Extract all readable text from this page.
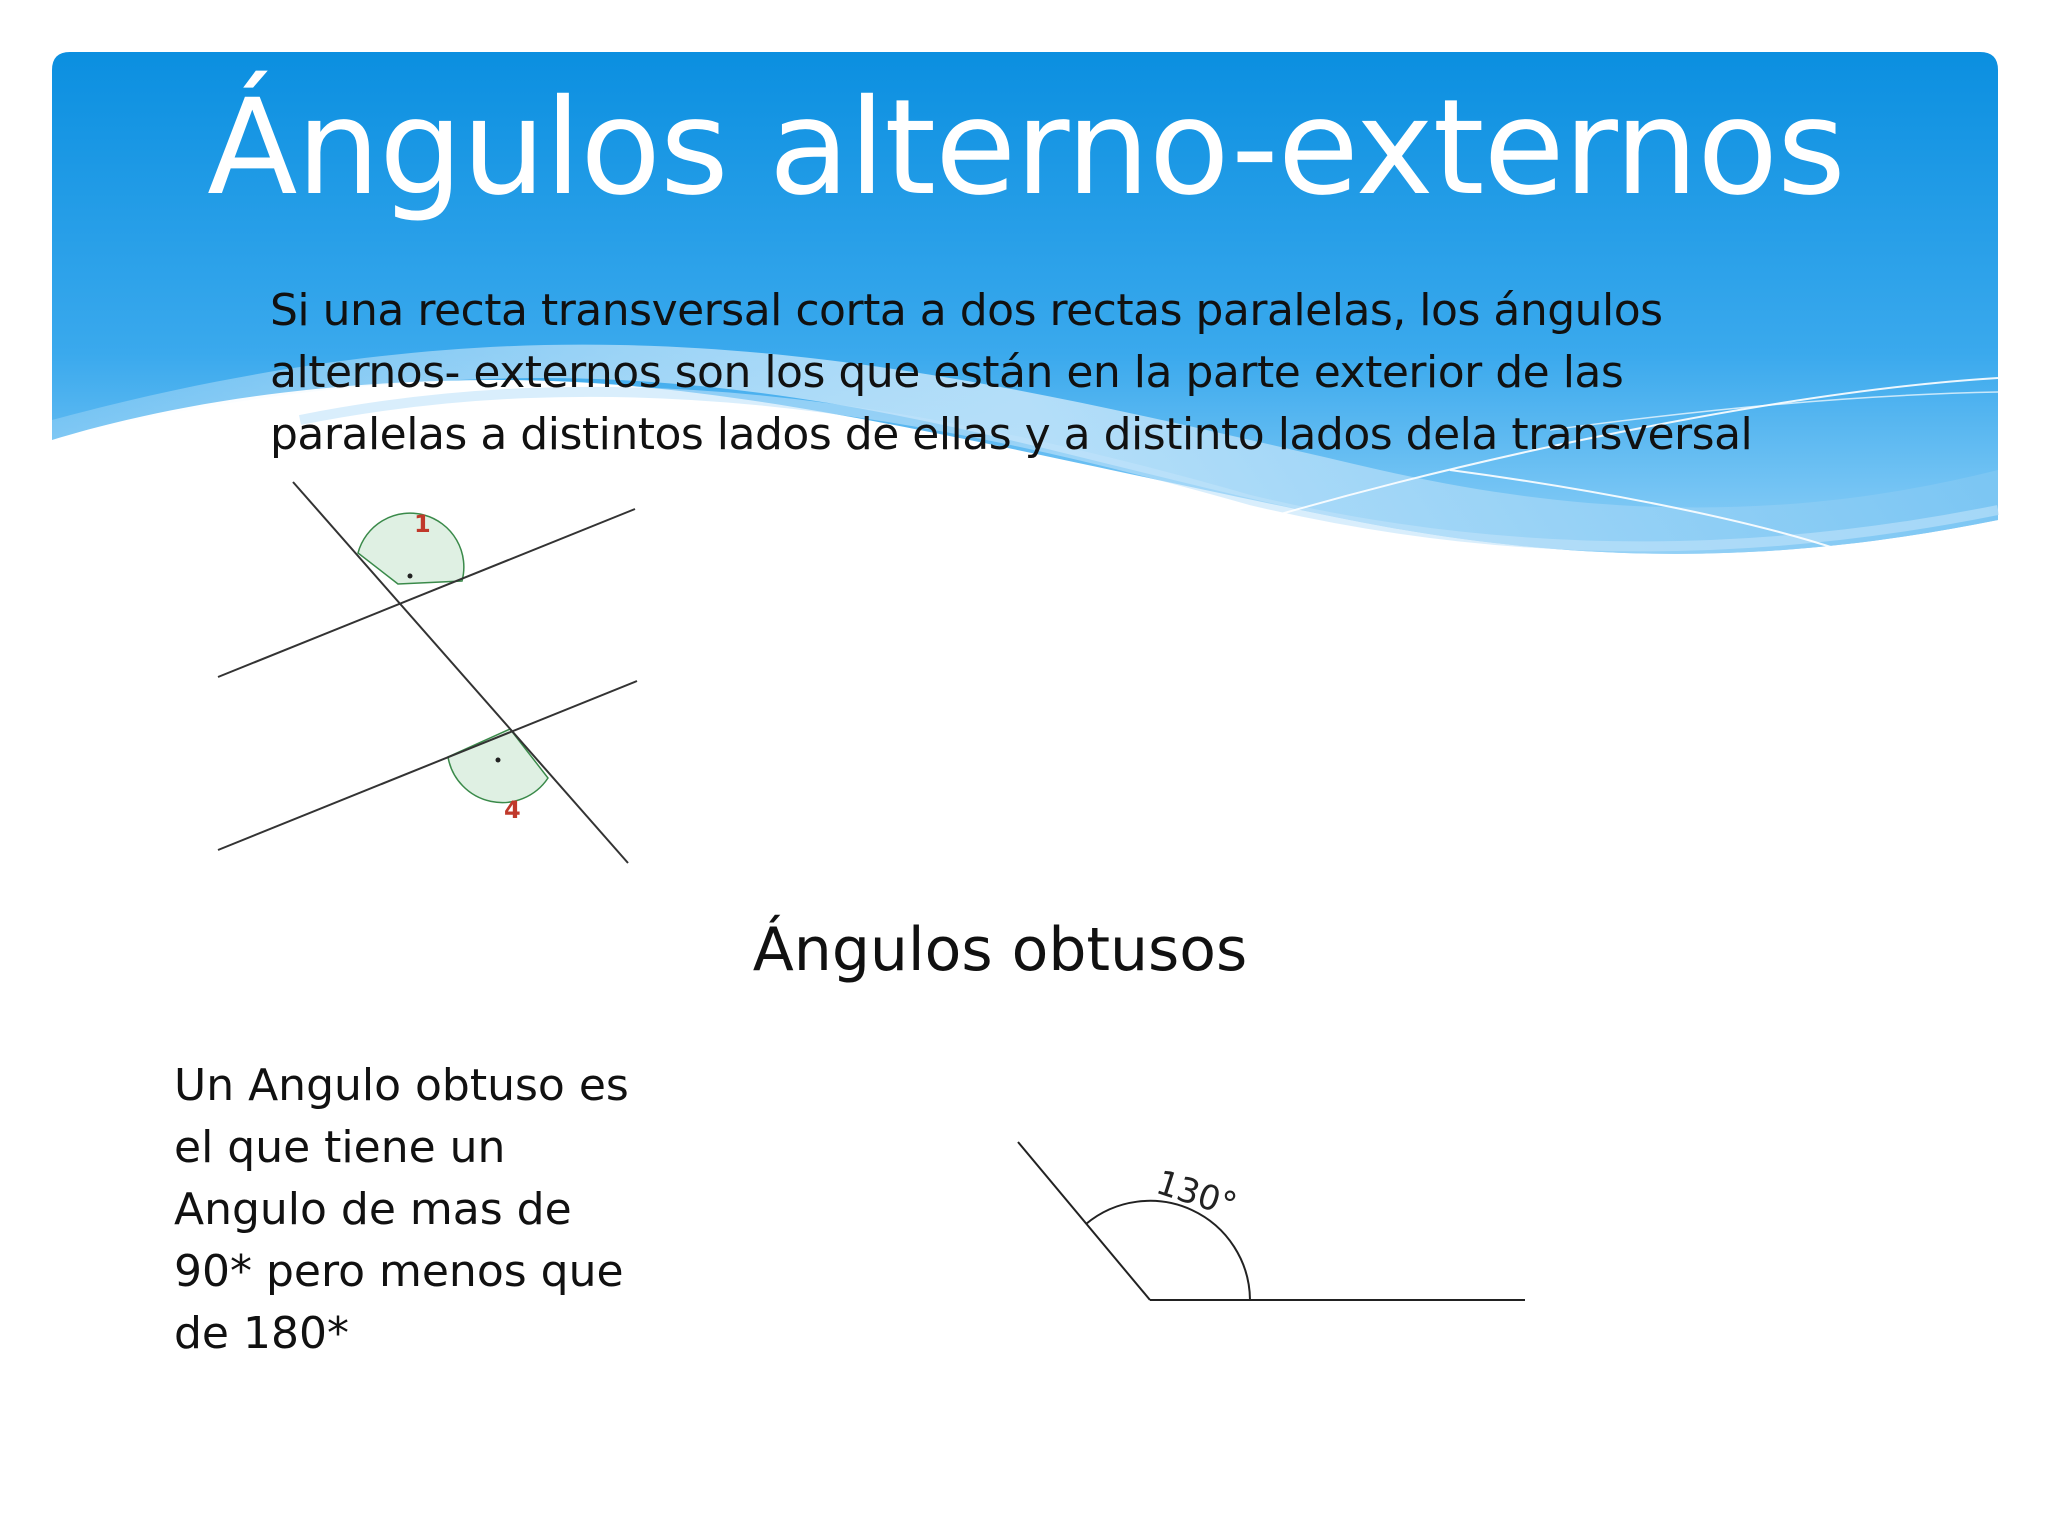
Ángulos alterno-externos

Si una recta transversal corta a dos rectas paralelas, los ángulos
alternos- externos son los que están en la parte exterior de las
paralelas a distintos lados de ellas y a distinto lados dela transversal

1
4
Ángulos obtusos

Un Angulo obtuso es
el que tiene un
Angulo de mas de
90* pero menos que
de 180*

130°
